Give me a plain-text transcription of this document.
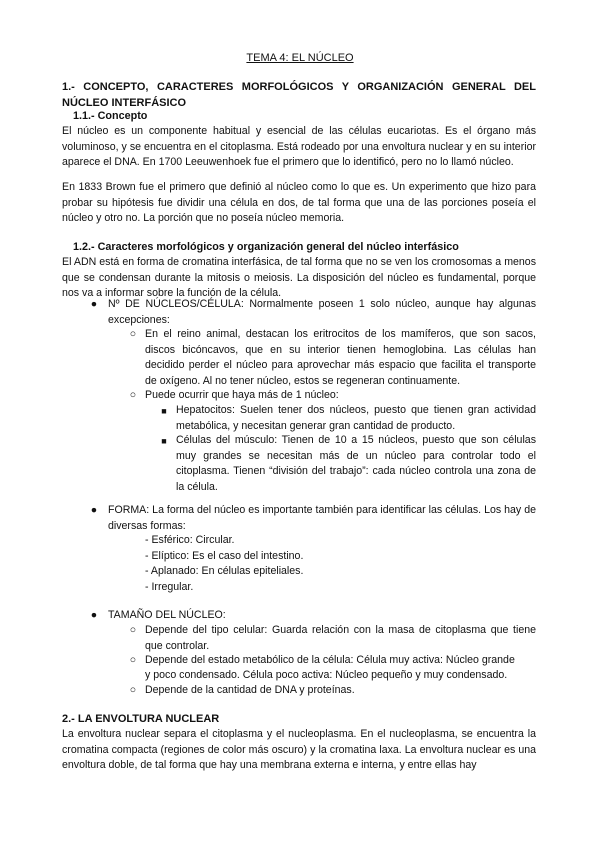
TEMA 4: EL NÚCLEO
1.- CONCEPTO, CARACTERES MORFOLÓGICOS Y ORGANIZACIÓN GENERAL DEL
NÚCLEO INTERFÁSICO
1.1.- Concepto
El núcleo es un componente habitual y esencial de las células eucariotas. Es el órgano más voluminoso, y se encuentra en el citoplasma. Está rodeado por una envoltura nuclear y en su interior aparece el DNA. En 1700 Leeuwenhoek fue el primero que lo identificó, pero no lo llamó núcleo.
En 1833 Brown fue el primero que definió al núcleo como lo que es. Un experimento que hizo para probar su hipótesis fue dividir una célula en dos, de tal forma que una de las porciones poseía el núcleo y otro no. La porción que no poseía núcleo memoria.
1.2.- Caracteres morfológicos y organización general del núcleo interfásico
El ADN está en forma de cromatina interfásica, de tal forma que no se ven los cromosomas a menos que se condensan durante la mitosis o meiosis. La disposición del núcleo es fundamental, porque nos va a informar sobre la función de la célula.
●	Nº DE NÚCLEOS/CÉLULA: Normalmente poseen 1 solo núcleo, aunque hay algunas excepciones:
○ En el reino animal, destacan los eritrocitos de los mamíferos, que son sacos, discos bicóncavos, que en su interior tienen hemoglobina. Las células han decidido perder el núcleo para aprovechar más espacio que facilita el transporte de oxígeno. Al no tener núcleo, estos se regeneran continuamente.
○ Puede ocurrir que haya más de 1 núcleo:
■ Hepatocitos: Suelen tener dos núcleos, puesto que tienen gran actividad metabólica, y necesitan generar gran cantidad de producto.
■ Células del músculo: Tienen de 10 a 15 núcleos, puesto que son células muy grandes se necesitan más de un núcleo para controlar todo el citoplasma. Tienen “división del trabajo”: cada núcleo controla una zona de la célula.
●	FORMA: La forma del núcleo es importante también para identificar las células. Los hay de diversas formas:
- Esférico: Circular.
- Elíptico: Es el caso del intestino.
- Aplanado: En células epiteliales.
- Irregular.
●	TAMAÑO DEL NÚCLEO:
○ Depende del tipo celular: Guarda relación con la masa de citoplasma que tiene que controlar.
○ Depende del estado metabólico de la célula: Célula muy activa: Núcleo grande
y poco condensado. Célula poco activa: Núcleo pequeño y muy condensado.
○ Depende de la cantidad de DNA y proteínas.
2.- LA ENVOLTURA NUCLEAR
La envoltura nuclear separa el citoplasma y el nucleoplasma. En el nucleoplasma, se encuentra la cromatina compacta (regiones de color más oscuro) y la cromatina laxa. La envoltura nuclear es una envoltura doble, de tal forma que hay una membrana externa e interna, y entre ellas hay
